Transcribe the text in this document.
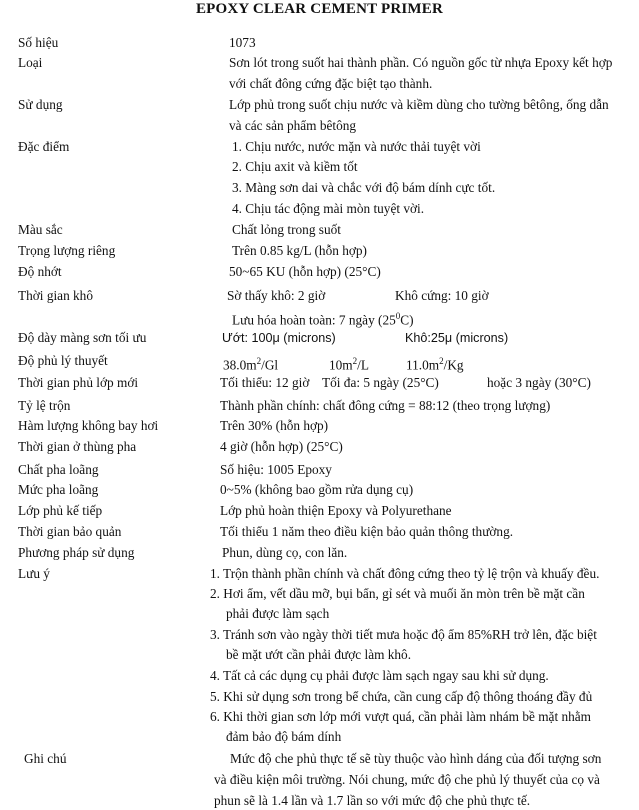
EPOXY CLEAR CEMENT PRIMER
Số hiệu	1073
Loại	Sơn lót trong suốt hai thành phần. Có nguồn gốc từ nhựa Epoxy kết hợp
với chất đông cứng đặc biệt tạo thành.
Sử dụng	Lớp phủ trong suốt chịu nước và kiềm dùng cho tường bêtông, ống dẫn
và các sản phẩm bêtông
Đặc điểm	1. Chịu nước, nước mặn và nước thải tuyệt vời
2. Chịu axit và kiềm tốt
3. Màng sơn dai và chắc với độ bám dính cực tốt.
4. Chịu tác động mài mòn tuyệt vời.
Màu sắc	Chất lỏng trong suốt
Trọng lượng riêng	Trên 0.85 kg/L (hỗn hợp)
Độ nhớt	50~65 KU (hỗn hợp) (25°C)
Thời gian khô	Sờ thấy khô: 2 giờ	Khô cứng: 10 giờ
Lưu hóa hoàn toàn: 7 ngày $(25^0C)$
Độ dày màng sơn tối ưu	Ướt: 100μ (microns)	Khô:25μ (microns)
Độ phủ lý thuyết	$38.0m^2/Gl$	$10m^2/L$	$11.0m^2/Kg$
Thời gian phủ lớp mới	Tối thiểu: 12 giờ Tối đa: 5 ngày (25°C)	hoặc 3 ngày (30°C)
Tỷ lệ trộn	Thành phần chính: chất đông cứng = 88:12 (theo trọng lượng)
Hàm lượng không bay hơi	Trên 30% (hỗn hợp)
Thời gian ở thùng pha	4 giờ (hỗn hợp) (25°C)
Chất pha loãng	Số hiệu: 1005 Epoxy
Mức pha loãng	0~5% (không bao gồm rửa dụng cụ)
Lớp phủ kế tiếp	Lớp phủ hoàn thiện Epoxy và Polyurethane
Thời gian bảo quản	Tối thiểu 1 năm theo điều kiện bảo quản thông thường.
Phương pháp sử dụng	Phun, dùng cọ, con lăn.
Lưu ý	1. Trộn thành phần chính và chất đông cứng theo tỷ lệ trộn và khuấy đều.
2. Hơi ẩm, vết dầu mỡ, bụi bẩn, gỉ sét và muối ăn mòn trên bề mặt cần
phải được làm sạch
3. Tránh sơn vào ngày thời tiết mưa hoặc độ ẩm 85%RH trở lên, đặc biệt
bề mặt ướt cần phải được làm khô.
4. Tất cả các dụng cụ phải được làm sạch ngay sau khi sử dụng.
5. Khi sử dụng sơn trong bể chứa, cần cung cấp độ thông thoáng đầy đủ
6. Khi thời gian sơn lớp mới vượt quá, cần phải làm nhám bề mặt nhằm
đảm bảo độ bám dính
Ghi chú	Mức độ che phủ thực tế sẽ tùy thuộc vào hình dáng của đối tượng sơn
và điều kiện môi trường. Nói chung, mức độ che phủ lý thuyết của cọ và
phun sẽ là 1.4 lần và 1.7 lần so với mức độ che phủ thực tế.
